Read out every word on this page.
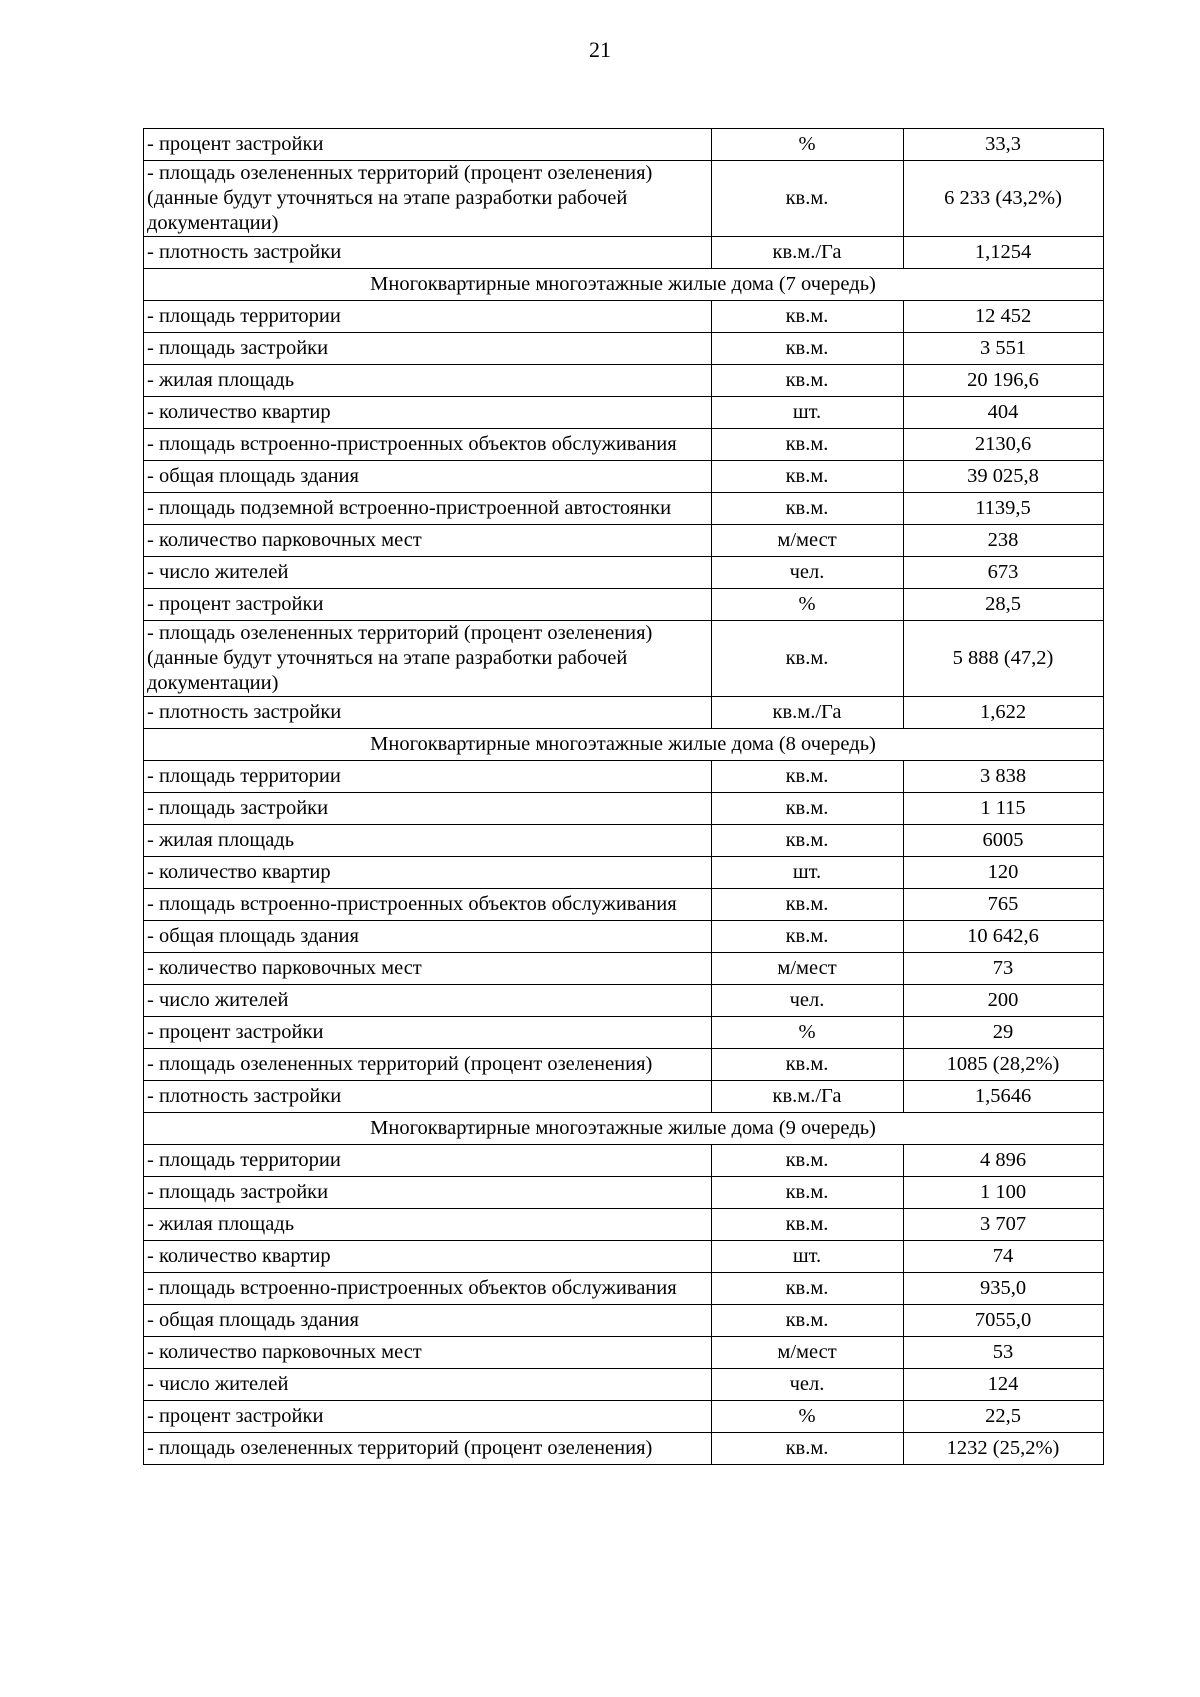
21
- процент застройки	%	33,3
- площадь озелененных территорий (процент озеленения) (данные будут уточняться на этапе разработки рабочей документации)	кв.м.	6 233 (43,2%)
- плотность застройки	кв.м./Га	1,1254
Многоквартирные многоэтажные жилые дома (7 очередь)		
- площадь территории	кв.м.	12 452
- площадь застройки	кв.м.	3 551
- жилая площадь	кв.м.	20 196,6
- количество квартир	шт.	404
- площадь встроенно-пристроенных объектов обслуживания	кв.м.	2130,6
- общая площадь здания	кв.м.	39 025,8
- площадь подземной встроенно-пристроенной автостоянки	кв.м.	1139,5
- количество парковочных мест	м/мест	238
- число жителей	чел.	673
- процент застройки	%	28,5
- площадь озелененных территорий (процент озеленения) (данные будут уточняться на этапе разработки рабочей документации)	кв.м.	5 888 (47,2)
- плотность застройки	кв.м./Га	1,622
Многоквартирные многоэтажные жилые дома (8 очередь)		
- площадь территории	кв.м.	3 838
- площадь застройки	кв.м.	1 115
- жилая площадь	кв.м.	6005
- количество квартир	шт.	120
- площадь встроенно-пристроенных объектов обслуживания	кв.м.	765
- общая площадь здания	кв.м.	10 642,6
- количество парковочных мест	м/мест	73
- число жителей	чел.	200
- процент застройки	%	29
- площадь озелененных территорий (процент озеленения)	кв.м.	1085 (28,2%)
- плотность застройки	кв.м./Га	1,5646
Многоквартирные многоэтажные жилые дома (9 очередь)		
- площадь территории	кв.м.	4 896
- площадь застройки	кв.м.	1 100
- жилая площадь	кв.м.	3 707
- количество квартир	шт.	74
- площадь встроенно-пристроенных объектов обслуживания	кв.м.	935,0
- общая площадь здания	кв.м.	7055,0
- количество парковочных мест	м/мест	53
- число жителей	чел.	124
- процент застройки	%	22,5
- площадь озелененных территорий (процент озеленения)	кв.м.	1232 (25,2%)
